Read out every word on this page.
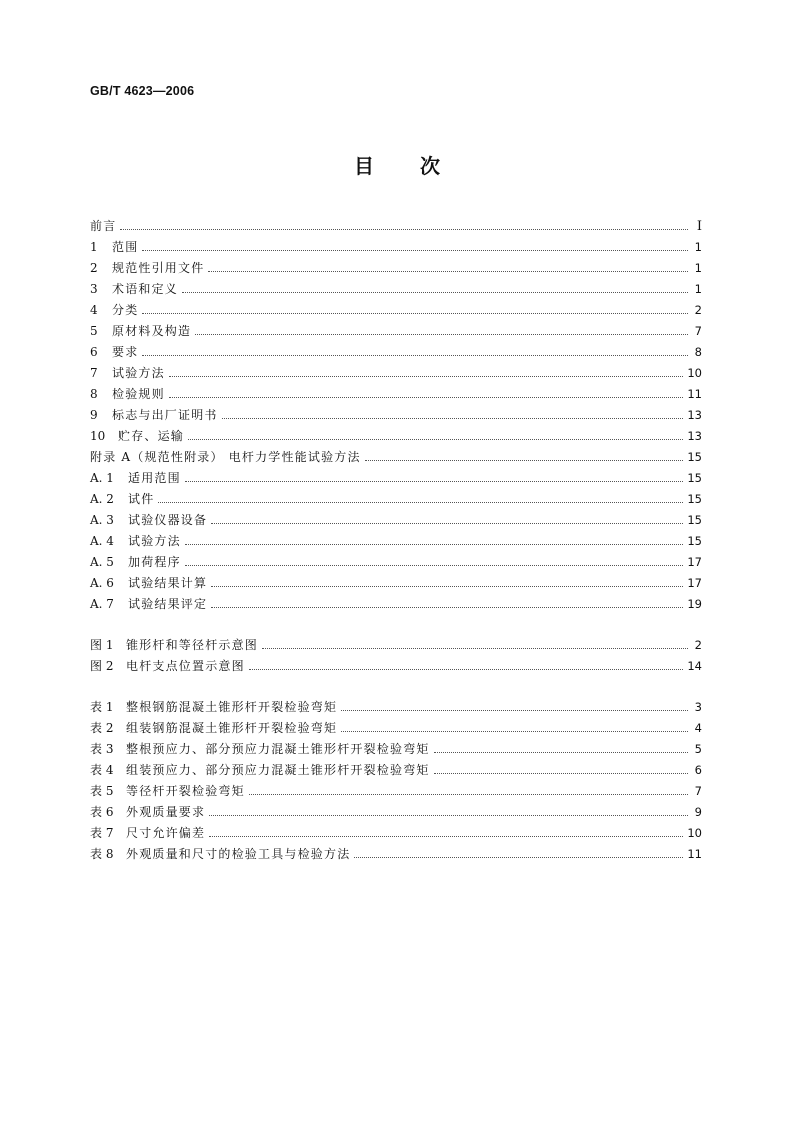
GB/T 4623—2006
目 次
前言	I
1	范围	1
2	规范性引用文件	1
3	术语和定义	1
4	分类	2
5	原材料及构造	7
6	要求	8
7	试验方法	10
8	检验规则	11
9	标志与出厂证明书	13
10	贮存、运输	13
附录 A（规范性附录） 电杆力学性能试验方法	15
A. 1	适用范围	15
A. 2	试件	15
A. 3	试验仪器设备	15
A. 4	试验方法	15
A. 5	加荷程序	17
A. 6	试验结果计算	17
A. 7	试验结果评定	19
图 1	锥形杆和等径杆示意图	2
图 2	电杆支点位置示意图	14
表 1	整根钢筋混凝土锥形杆开裂检验弯矩	3
表 2	组装钢筋混凝土锥形杆开裂检验弯矩	4
表 3	整根预应力、部分预应力混凝土锥形杆开裂检验弯矩	5
表 4	组装预应力、部分预应力混凝土锥形杆开裂检验弯矩	6
表 5	等径杆开裂检验弯矩	7
表 6	外观质量要求	9
表 7	尺寸允许偏差	10
表 8	外观质量和尺寸的检验工具与检验方法	11
